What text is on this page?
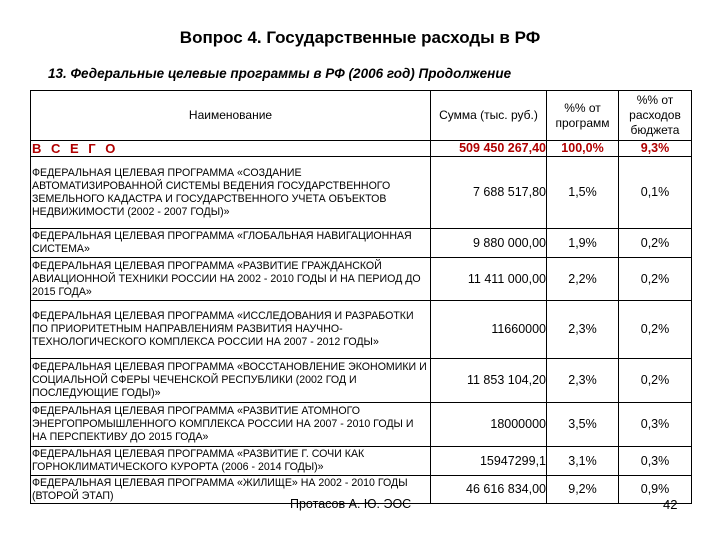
Вопрос 4. Государственные расходы в РФ
13. Федеральные целевые программы в РФ (2006 год) Продолжение
Наименование	Сумма (тыс. руб.)	%% от программ	%% от расходов бюджета
В С Е Г О	509 450 267,40	100,0%	9,3%
ФЕДЕРАЛЬНАЯ ЦЕЛЕВАЯ ПРОГРАММА «СОЗДАНИЕ АВТОМАТИЗИРОВАННОЙ СИСТЕМЫ ВЕДЕНИЯ ГОСУДАРСТВЕННОГО ЗЕМЕЛЬНОГО КАДАСТРА И ГОСУДАРСТВЕННОГО УЧЕТА ОБЪЕКТОВ НЕДВИЖИМОСТИ (2002 - 2007 ГОДЫ)»	7 688 517,80	1,5%	0,1%
ФЕДЕРАЛЬНАЯ ЦЕЛЕВАЯ ПРОГРАММА «ГЛОБАЛЬНАЯ НАВИГАЦИОННАЯ СИСТЕМА»	9 880 000,00	1,9%	0,2%
ФЕДЕРАЛЬНАЯ ЦЕЛЕВАЯ ПРОГРАММА «РАЗВИТИЕ ГРАЖДАНСКОЙ АВИАЦИОННОЙ ТЕХНИКИ РОССИИ НА 2002 - 2010 ГОДЫ И НА ПЕРИОД ДО 2015 ГОДА»	11 411 000,00	2,2%	0,2%
ФЕДЕРАЛЬНАЯ ЦЕЛЕВАЯ ПРОГРАММА «ИССЛЕДОВАНИЯ И РАЗРАБОТКИ ПО ПРИОРИТЕТНЫМ НАПРАВЛЕНИЯМ РАЗВИТИЯ НАУЧНО-ТЕХНОЛОГИЧЕСКОГО КОМПЛЕКСА РОССИИ НА 2007 - 2012 ГОДЫ»	11660000	2,3%	0,2%
ФЕДЕРАЛЬНАЯ ЦЕЛЕВАЯ ПРОГРАММА «ВОССТАНОВЛЕНИЕ ЭКОНОМИКИ И СОЦИАЛЬНОЙ СФЕРЫ ЧЕЧЕНСКОЙ РЕСПУБЛИКИ (2002 ГОД И ПОСЛЕДУЮЩИЕ ГОДЫ)»	11 853 104,20	2,3%	0,2%
ФЕДЕРАЛЬНАЯ ЦЕЛЕВАЯ ПРОГРАММА «РАЗВИТИЕ АТОМНОГО ЭНЕРГОПРОМЫШЛЕННОГО КОМПЛЕКСА РОССИИ НА 2007 - 2010 ГОДЫ И НА ПЕРСПЕКТИВУ ДО 2015 ГОДА»	18000000	3,5%	0,3%
ФЕДЕРАЛЬНАЯ ЦЕЛЕВАЯ ПРОГРАММА «РАЗВИТИЕ Г. СОЧИ КАК ГОРНОКЛИМАТИЧЕСКОГО КУРОРТА (2006 - 2014 ГОДЫ)»	15947299,1	3,1%	0,3%
ФЕДЕРАЛЬНАЯ ЦЕЛЕВАЯ ПРОГРАММА «ЖИЛИЩЕ» НА 2002 - 2010 ГОДЫ (ВТОРОЙ ЭТАП)	46 616 834,00	9,2%	0,9%
Протасов А. Ю. ЭОС	42
